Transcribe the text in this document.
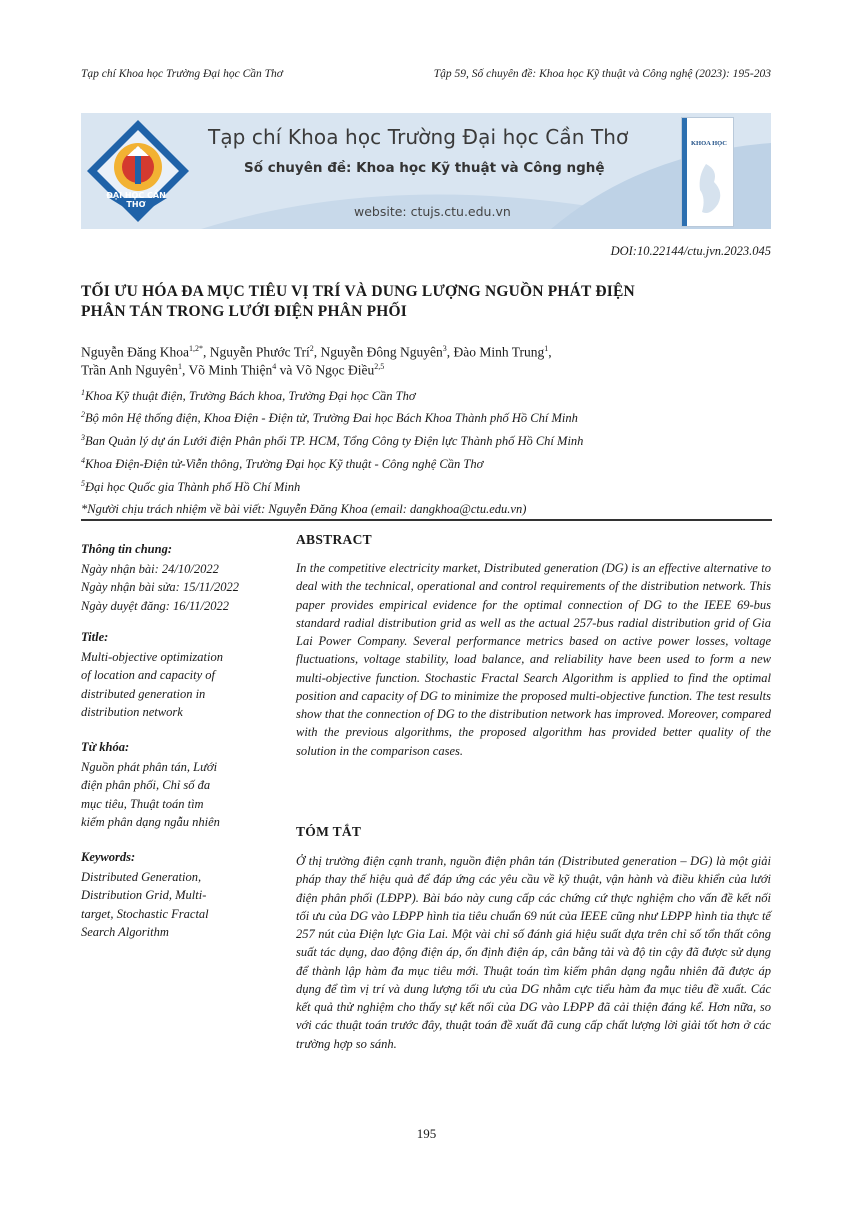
Tạp chí Khoa học Trường Đại học Cần Thơ	Tập 59, Số chuyên đề: Khoa học Kỹ thuật và Công nghệ (2023): 195-203
ĐẠI HỌC CẦN THƠ
Tạp chí Khoa học Trường Đại học Cần Thơ
Số chuyên đề: Khoa học Kỹ thuật và Công nghệ
website: ctujs.ctu.edu.vn
KHOA HỌC
DOI:10.22144/ctu.jvn.2023.045
TỐI ƯU HÓA ĐA MỤC TIÊU VỊ TRÍ VÀ DUNG LƯỢNG NGUỒN PHÁT ĐIỆN
PHÂN TÁN TRONG LƯỚI ĐIỆN PHÂN PHỐI
Nguyễn Đăng Khoa$^{1,2*}$, Nguyễn Phước Trí$^2$, Nguyễn Đông Nguyên$^3$, Đào Minh Trung$^1$,
Trần Anh Nguyên$^1$, Võ Minh Thiện$^4$ và Võ Ngọc Điều$^{2,5}$
$^1$Khoa Kỹ thuật điện, Trường Bách khoa, Trường Đại học Cần Thơ
$^2$Bộ môn Hệ thống điện, Khoa Điện - Điện tử, Trường Đai học Bách Khoa Thành phố Hồ Chí Minh
$^3$Ban Quản lý dự án Lưới điện Phân phối TP. HCM, Tổng Công ty Điện lực Thành phố Hồ Chí Minh
$^4$Khoa Điện-Điện tử-Viễn thông, Trường Đại học Kỹ thuật - Công nghệ Cần Thơ
$^5$Đại học Quốc gia Thành phố Hồ Chí Minh
*Người chịu trách nhiệm về bài viết: Nguyễn Đăng Khoa (email: dangkhoa@ctu.edu.vn)
Thông tin chung:
Ngày nhận bài: 24/10/2022
Ngày nhận bài sửa: 15/11/2022
Ngày duyệt đăng: 16/11/2022
Title:
Multi-objective optimization
of location and capacity of
distributed generation in
distribution network
Từ khóa:
Nguồn phát phân tán, Lưới
điện phân phối, Chỉ số đa
mục tiêu, Thuật toán tìm
kiếm phân dạng ngẫu nhiên
Keywords:
Distributed Generation,
Distribution Grid, Multi-
target, Stochastic Fractal
Search Algorithm
ABSTRACT
In the competitive electricity market, Distributed generation (DG) is an effective alternative to deal with the technical, operational and control requirements of the distribution network. This paper provides empirical evidence for the optimal connection of DG to the IEEE 69-bus standard radial distribution grid as well as the actual 257-bus radial distribution grid of Gia Lai Power Company. Several performance metrics based on active power losses, voltage fluctuations, voltage stability, load balance, and reliability have been used to form a new multi-objective function. Stochastic Fractal Search Algorithm is applied to find the optimal position and capacity of DG to minimize the proposed multi-objective function. The test results show that the connection of DG to the distribution network has improved. Moreover, compared with the previous algorithms, the proposed algorithm has provided better quality of the solution in the comparison cases.
TÓM TẮT
Ở thị trường điện cạnh tranh, nguồn điện phân tán (Distributed generation – DG) là một giải pháp thay thế hiệu quả để đáp ứng các yêu cầu về kỹ thuật, vận hành và điều khiển của lưới điện phân phối (LĐPP). Bài báo này cung cấp các chứng cứ thực nghiệm cho vấn đề kết nối tối ưu của DG vào LĐPP hình tia tiêu chuẩn 69 nút của IEEE cũng như LĐPP hình tia thực tế 257 nút của Điện lực Gia Lai. Một vài chỉ số đánh giá hiệu suất dựa trên chỉ số tổn thất công suất tác dụng, dao động điện áp, ổn định điện áp, cân bằng tải và độ tin cậy đã được sử dụng để thành lập hàm đa mục tiêu mới. Thuật toán tìm kiếm phân dạng ngẫu nhiên đã được áp dụng để tìm vị trí và dung lượng tối ưu của DG nhằm cực tiểu hàm đa mục tiêu đề xuất. Các kết quả thử nghiệm cho thấy sự kết nối của DG vào LĐPP đã cải thiện đáng kể. Hơn nữa, so với các thuật toán trước đây, thuật toán đề xuất đã cung cấp chất lượng lời giải tốt hơn ở các trường hợp so sánh.
195
